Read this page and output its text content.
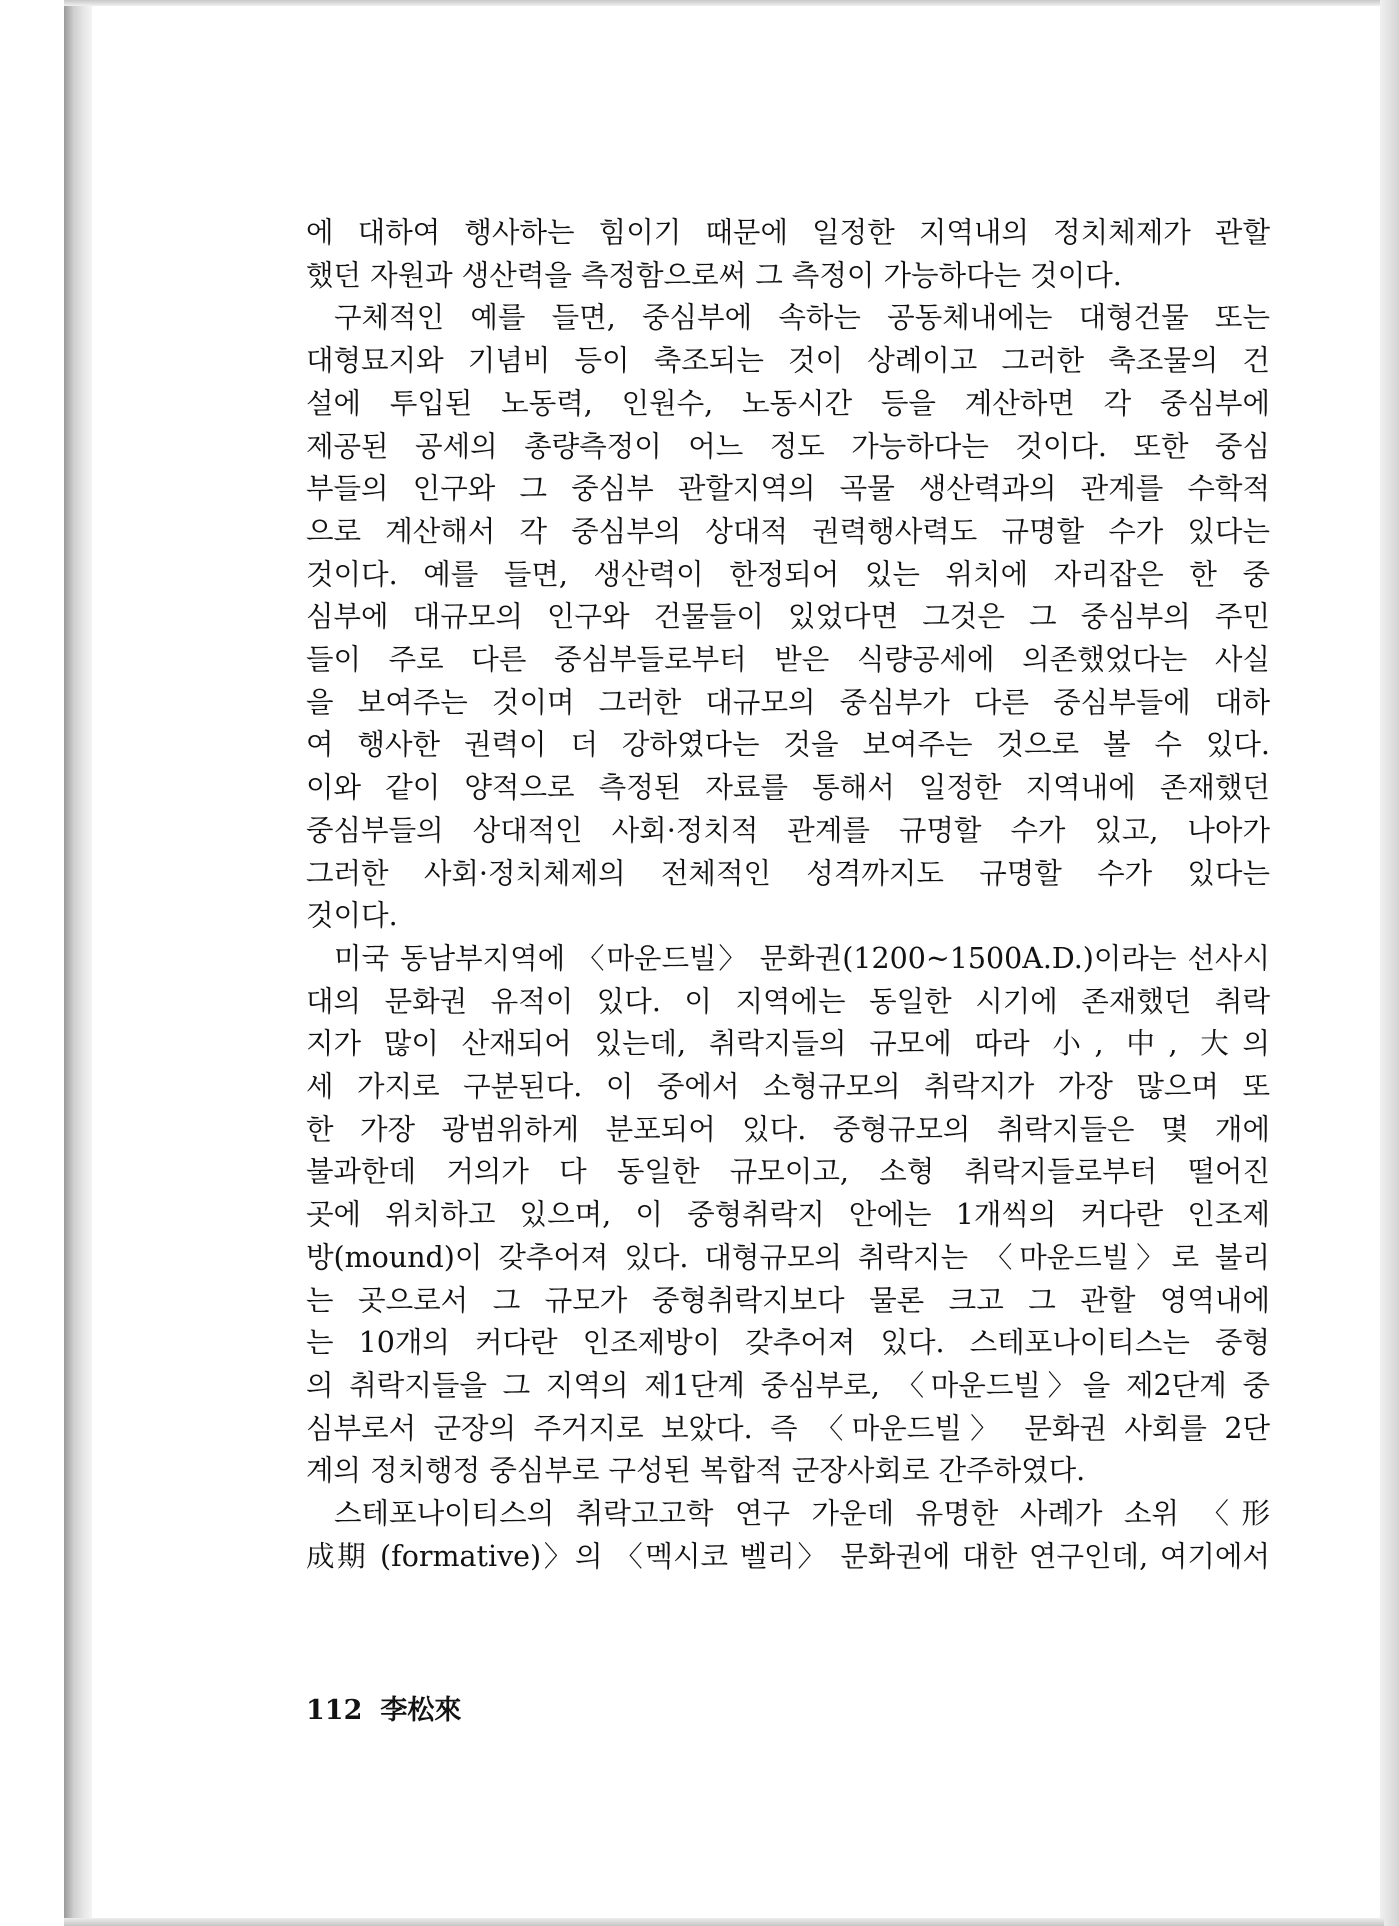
에 대하여 행사하는 힘이기 때문에 일정한 지역내의 정치체제가 관할
했던 자원과 생산력을 측정함으로써 그 측정이 가능하다는 것이다.
구체적인 예를 들면, 중심부에 속하는 공동체내에는 대형건물 또는
대형묘지와 기념비 등이 축조되는 것이 상례이고 그러한 축조물의 건
설에 투입된 노동력, 인원수, 노동시간 등을 계산하면 각 중심부에
제공된 공세의 총량측정이 어느 정도 가능하다는 것이다. 또한 중심
부들의 인구와 그 중심부 관할지역의 곡물 생산력과의 관계를 수학적
으로 계산해서 각 중심부의 상대적 권력행사력도 규명할 수가 있다는
것이다. 예를 들면, 생산력이 한정되어 있는 위치에 자리잡은 한 중
심부에 대규모의 인구와 건물들이 있었다면 그것은 그 중심부의 주민
들이 주로 다른 중심부들로부터 받은 식량공세에 의존했었다는 사실
을 보여주는 것이며 그러한 대규모의 중심부가 다른 중심부들에 대하
여 행사한 권력이 더 강하였다는 것을 보여주는 것으로 볼 수 있다.
이와 같이 양적으로 측정된 자료를 통해서 일정한 지역내에 존재했던
중심부들의 상대적인 사회·정치적 관계를 규명할 수가 있고, 나아가
그러한 사회·정치체제의 전체적인 성격까지도 규명할 수가 있다는
것이다.
미국 동남부지역에 〈마운드빌〉 문화권(1200~1500A.D.)이라는 선사시
대의 문화권 유적이 있다. 이 지역에는 동일한 시기에 존재했던 취락
지가 많이 산재되어 있는데, 취락지들의 규모에 따라 小, 中, 大의
세 가지로 구분된다. 이 중에서 소형규모의 취락지가 가장 많으며 또
한 가장 광범위하게 분포되어 있다. 중형규모의 취락지들은 몇 개에
불과한데 거의가 다 동일한 규모이고, 소형 취락지들로부터 떨어진
곳에 위치하고 있으며, 이 중형취락지 안에는 1개씩의 커다란 인조제
방(mound)이 갖추어져 있다. 대형규모의 취락지는 〈마운드빌〉로 불리
는 곳으로서 그 규모가 중형취락지보다 물론 크고 그 관할 영역내에
는 10개의 커다란 인조제방이 갖추어져 있다. 스테포나이티스는 중형
의 취락지들을 그 지역의 제1단계 중심부로, 〈마운드빌〉을 제2단계 중
심부로서 군장의 주거지로 보았다. 즉 〈마운드빌〉 문화권 사회를 2단
계의 정치행정 중심부로 구성된 복합적 군장사회로 간주하였다.
스테포나이티스의 취락고고학 연구 가운데 유명한 사례가 소위 〈形
成期 (formative)〉의 〈멕시코 벨리〉 문화권에 대한 연구인데, 여기에서
112 李松來
